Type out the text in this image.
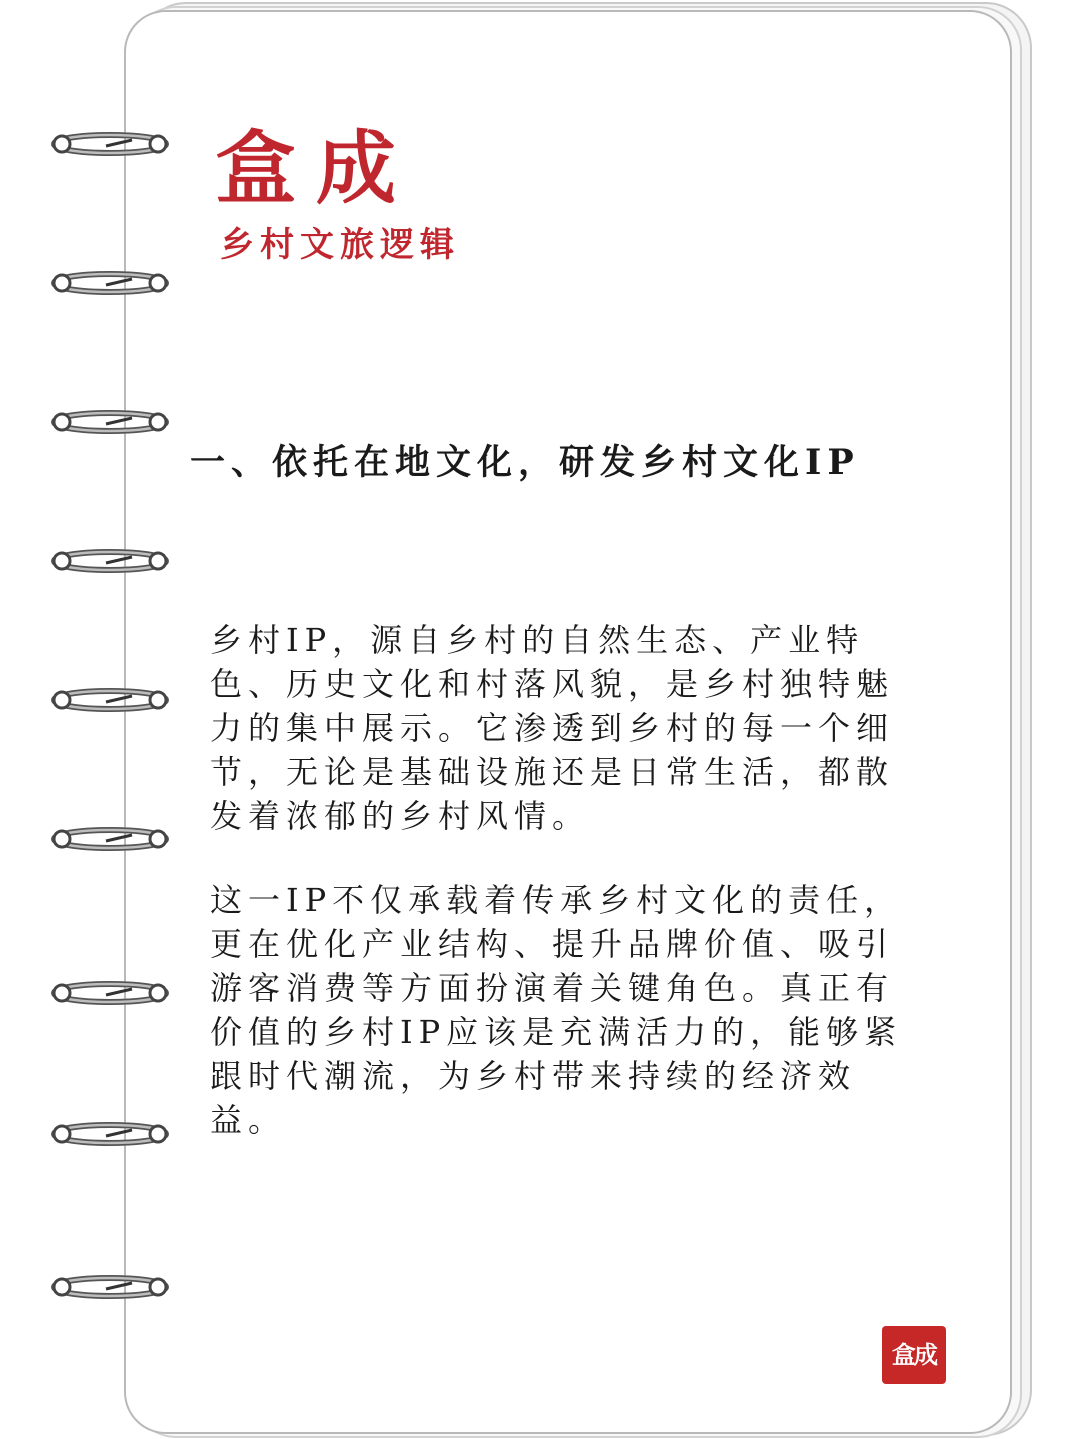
盒成
乡村文旅逻辑
一、依托在地文化，研发乡村文化IP

乡村IP，源自乡村的自然生态、产业特色、历史文化和村落风貌，是乡村独特魅力的集中展示。它渗透到乡村的每一个细节，无论是基础设施还是日常生活，都散发着浓郁的乡村风情。

这一IP不仅承载着传承乡村文化的责任，更在优化产业结构、提升品牌价值、吸引游客消费等方面扮演着关键角色。真正有价值的乡村IP应该是充满活力的，能够紧跟时代潮流，为乡村带来持续的经济效益。

盒成
